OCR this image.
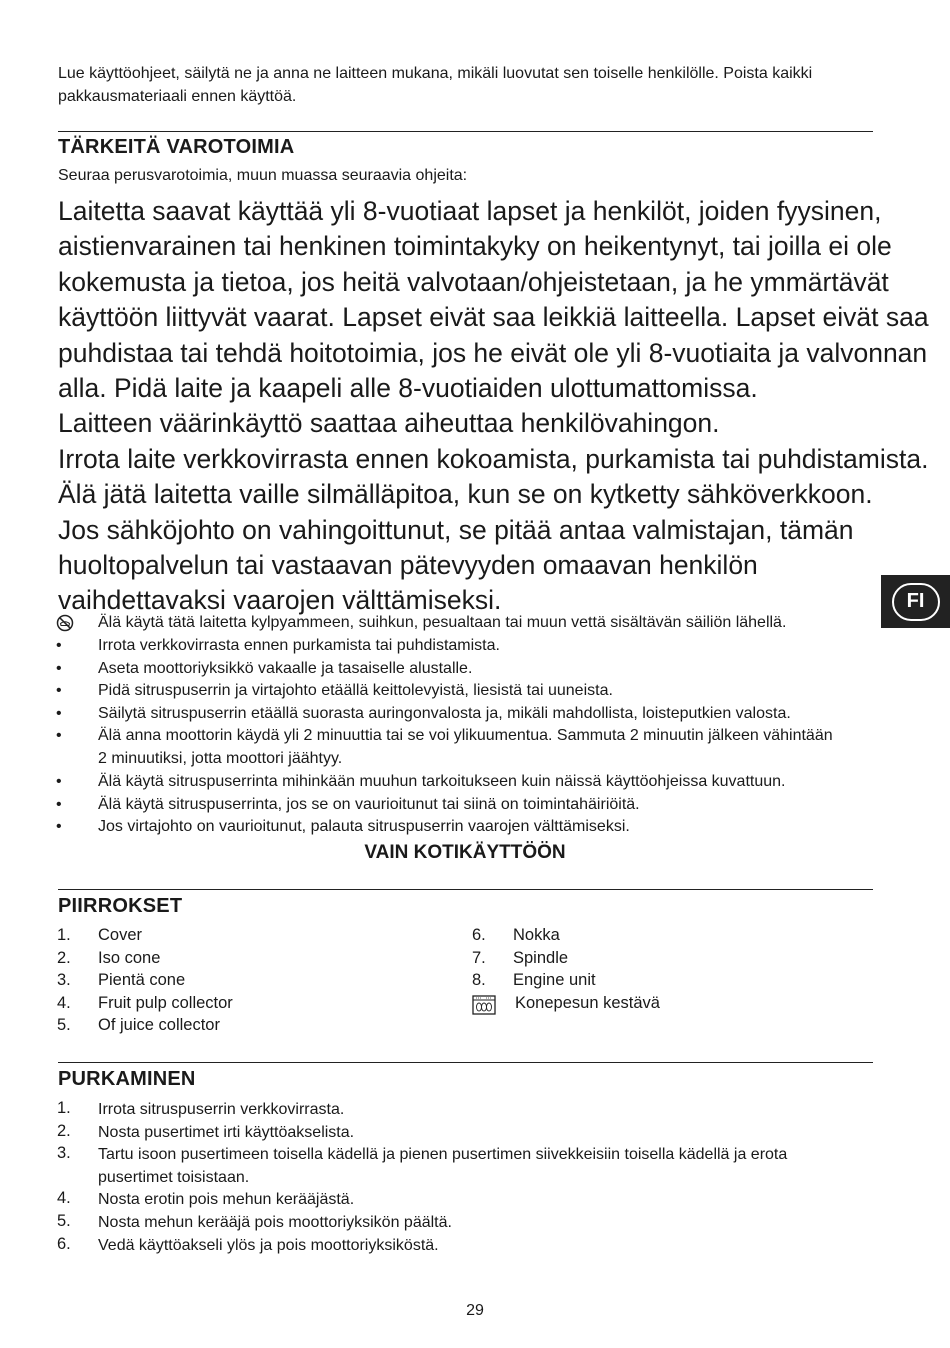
Lue käyttöohjeet, säilytä ne ja anna ne laitteen mukana, mikäli luovutat sen toiselle henkilölle. Poista kaikki pakkausmateriaali ennen käyttöä.
TÄRKEITÄ VAROTOIMIA
Seuraa perusvarotoimia, muun muassa seuraavia ohjeita:
Laitetta saavat käyttää yli 8-vuotiaat lapset ja henkilöt, joiden fyysinen,
aistienvarainen tai henkinen toimintakyky on heikentynyt, tai joilla ei ole
kokemusta ja tietoa, jos heitä valvotaan/ohjeistetaan, ja he ymmärtävät
käyttöön liittyvät vaarat. Lapset eivät saa leikkiä laitteella. Lapset eivät saa
puhdistaa tai tehdä hoitotoimia, jos he eivät ole yli 8-vuotiaita ja valvonnan
alla. Pidä laite ja kaapeli alle 8-vuotiaiden ulottumattomissa.
Laitteen väärinkäyttö saattaa aiheuttaa henkilövahingon.
Irrota laite verkkovirrasta ennen kokoamista, purkamista tai puhdistamista.
Älä jätä laitetta vaille silmälläpitoa, kun se on kytketty sähköverkkoon.
Jos sähköjohto on vahingoittunut, se pitää antaa valmistajan, tämän
huoltopalvelun tai vastaavan pätevyyden omaavan henkilön
vaihdettavaksi vaarojen välttämiseksi.
Älä käytä tätä laitetta kylpyammeen, suihkun, pesualtaan tai muun vettä sisältävän säiliön lähellä.
• Irrota verkkovirrasta ennen purkamista tai puhdistamista.
• Aseta moottoriyksikkö vakaalle ja tasaiselle alustalle.
• Pidä sitruspuserrin ja virtajohto etäällä keittolevyistä, liesistä tai uuneista.
• Säilytä sitruspuserrin etäällä suorasta auringonvalosta ja, mikäli mahdollista, loisteputkien valosta.
• Älä anna moottorin käydä yli 2 minuuttia tai se voi ylikuumentua. Sammuta 2 minuutin jälkeen vähintään 2 minuutiksi, jotta moottori jäähtyy.
• Älä käytä sitruspuserrinta mihinkään muuhun tarkoitukseen kuin näissä käyttöohjeissa kuvattuun.
• Älä käytä sitruspuserrinta, jos se on vaurioitunut tai siinä on toimintahäiriöitä.
• Jos virtajohto on vaurioitunut, palauta sitruspuserrin vaarojen välttämiseksi.
VAIN KOTIKÄYTTÖÖN
PIIRROKSET
1. Cover
2. Iso cone
3. Pientä cone
4. Fruit pulp collector
5. Of juice collector
6. Nokka
7. Spindle
8. Engine unit
Konepesun kestävä
PURKAMINEN
1. Irrota sitruspuserrin verkkovirrasta.
2. Nosta pusertimet irti käyttöakselista.
3. Tartu isoon pusertimeen toisella kädellä ja pienen pusertimen siivekkeisiin toisella kädellä ja erota pusertimet toisistaan.
4. Nosta erotin pois mehun kerääjästä.
5. Nosta mehun kerääjä pois moottoriyksikön päältä.
6. Vedä käyttöakseli ylös ja pois moottoriyksiköstä.
FI
29
